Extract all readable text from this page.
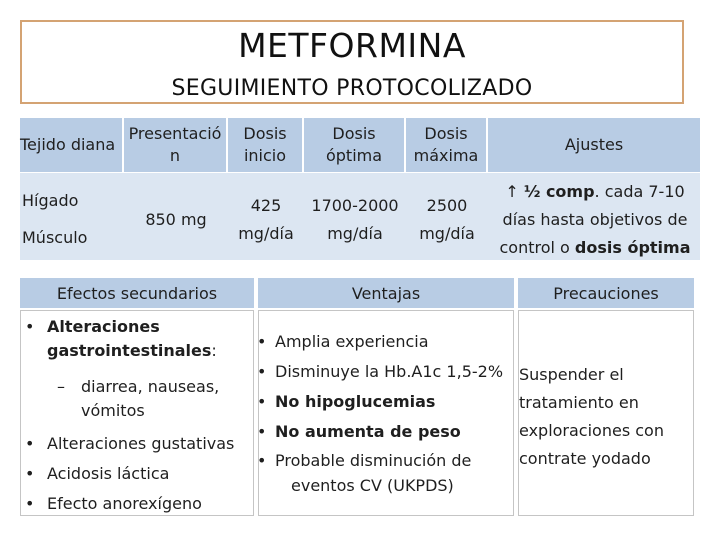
METFORMINA
SEGUIMIENTO PROTOCOLIZADO
Tejido diana
Presentació
n
Dosis
inicio
Dosis
óptima
Dosis
máxima
Ajustes
Hígado
Músculo
850 mg
425
mg/día
1700-2000
mg/día
2500
mg/día
↑ ½ comp. cada 7-10
días hasta objetivos de
control o dosis óptima
Efectos secundarios
• Alteraciones
gastrointestinales:
– diarrea, nauseas,
vómitos
• Alteraciones gustativas
• Acidosis láctica
• Efecto anorexígeno
Ventajas
• Amplia experiencia
• Disminuye la Hb.A1c 1,5-2%
• No hipoglucemias
• No aumenta de peso
• Probable disminución de
eventos CV (UKPDS)
Precauciones
Suspender el
tratamiento en
exploraciones con
contrate yodado
